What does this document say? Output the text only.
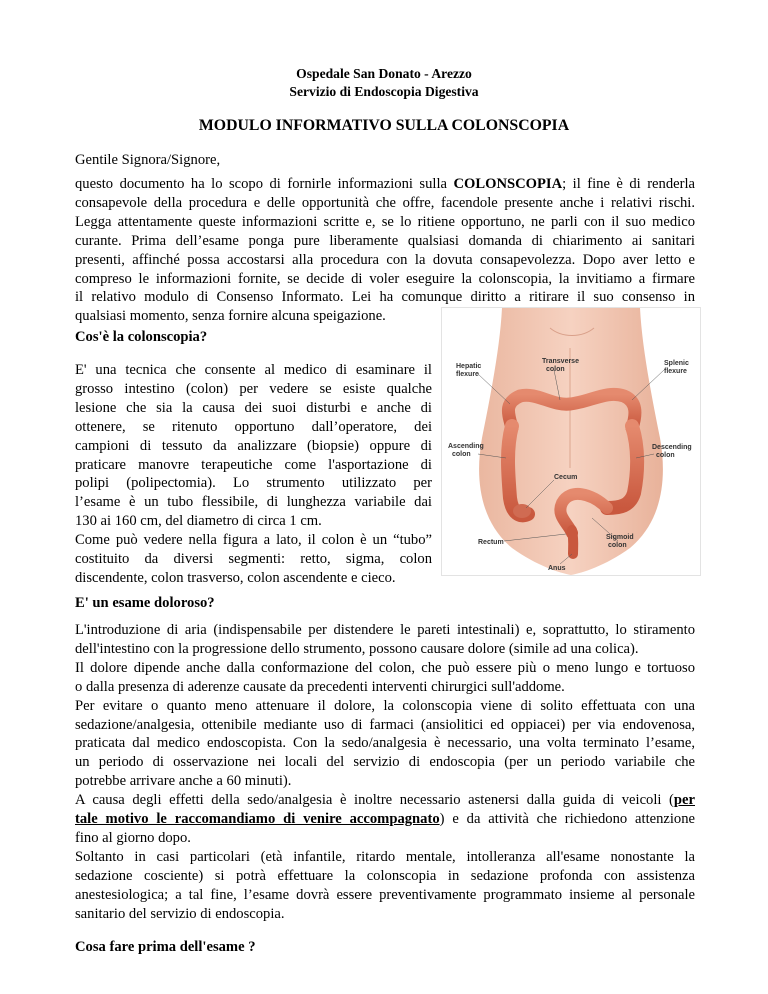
Ospedale San Donato - Arezzo
Servizio di Endoscopia Digestiva
MODULO INFORMATIVO SULLA COLONSCOPIA
Gentile Signora/Signore,
questo documento ha lo scopo di fornirle informazioni sulla COLONSCOPIA; il fine è di renderla
consapevole della procedura e delle opportunità che offre, facendole presente anche i relativi rischi.
Legga attentamente queste informazioni scritte e, se lo ritiene opportuno, ne parli con il suo medico
curante. Prima dell’esame ponga pure liberamente qualsiasi domanda di chiarimento ai sanitari
presenti, affinché possa accostarsi alla procedura con la dovuta consapevolezza. Dopo aver letto e
compreso le informazioni fornite, se decide di voler eseguire la colonscopia, la invitiamo a firmare
il relativo modulo di Consenso Informato. Lei ha comunque diritto a ritirare il suo consenso in
qualsiasi momento, senza fornire alcuna speigazione.
Cos'è la colonscopia?
E' una tecnica che consente al medico di esaminare il
grosso intestino (colon) per vedere se esiste qualche
lesione che sia la causa dei suoi disturbi e anche di
ottenere, se ritenuto opportuno dall’operatore, dei
campioni di tessuto da analizzare (biopsie) oppure di
praticare manovre terapeutiche come l'asportazione di
polipi (polipectomia). Lo strumento utilizzato per
l’esame è un tubo flessibile, di lunghezza variabile dai
130 ai 160 cm, del diametro di circa 1 cm.
Come può vedere nella figura a lato, il colon è un “tubo”
costituito da diversi segmenti: retto, sigma, colon
discendente, colon trasverso, colon ascendente e cieco.
Hepatic flexure
Transverse colon
Splenic flexure
Ascending colon
Descending colon
Cecum
Rectum
Sigmoid colon
Anus
E' un esame doloroso?
L'introduzione di aria (indispensabile per distendere le pareti intestinali) e, soprattutto, lo stiramento
dell'intestino con la progressione dello strumento, possono causare dolore (simile ad una colica).
Il dolore dipende anche dalla conformazione del colon, che può essere più o meno lungo e tortuoso
o dalla presenza di aderenze causate da precedenti interventi chirurgici sull'addome.
Per evitare o quanto meno attenuare il dolore, la colonscopia viene di solito effettuata con una
sedazione/analgesia, ottenibile mediante uso di farmaci (ansiolitici ed oppiacei) per via endovenosa,
praticata dal medico endoscopista. Con la sedo/analgesia è necessario, una volta terminato l’esame,
un periodo di osservazione nei locali del servizio di endoscopia (per un periodo variabile che
potrebbe arrivare anche a 60 minuti).
A causa degli effetti della sedo/analgesia è inoltre necessario astenersi dalla guida di veicoli (per
tale motivo le raccomandiamo di venire accompagnato) e da attività che richiedono attenzione
fino al giorno dopo.
Soltanto in casi particolari (età infantile, ritardo mentale, intolleranza all'esame nonostante la
sedazione cosciente) si potrà effettuare la colonscopia in sedazione profonda con assistenza
anestesiologica; a tal fine, l’esame dovrà essere preventivamente programmato insieme al personale
sanitario del servizio di endoscopia.
Cosa fare prima dell'esame ?
